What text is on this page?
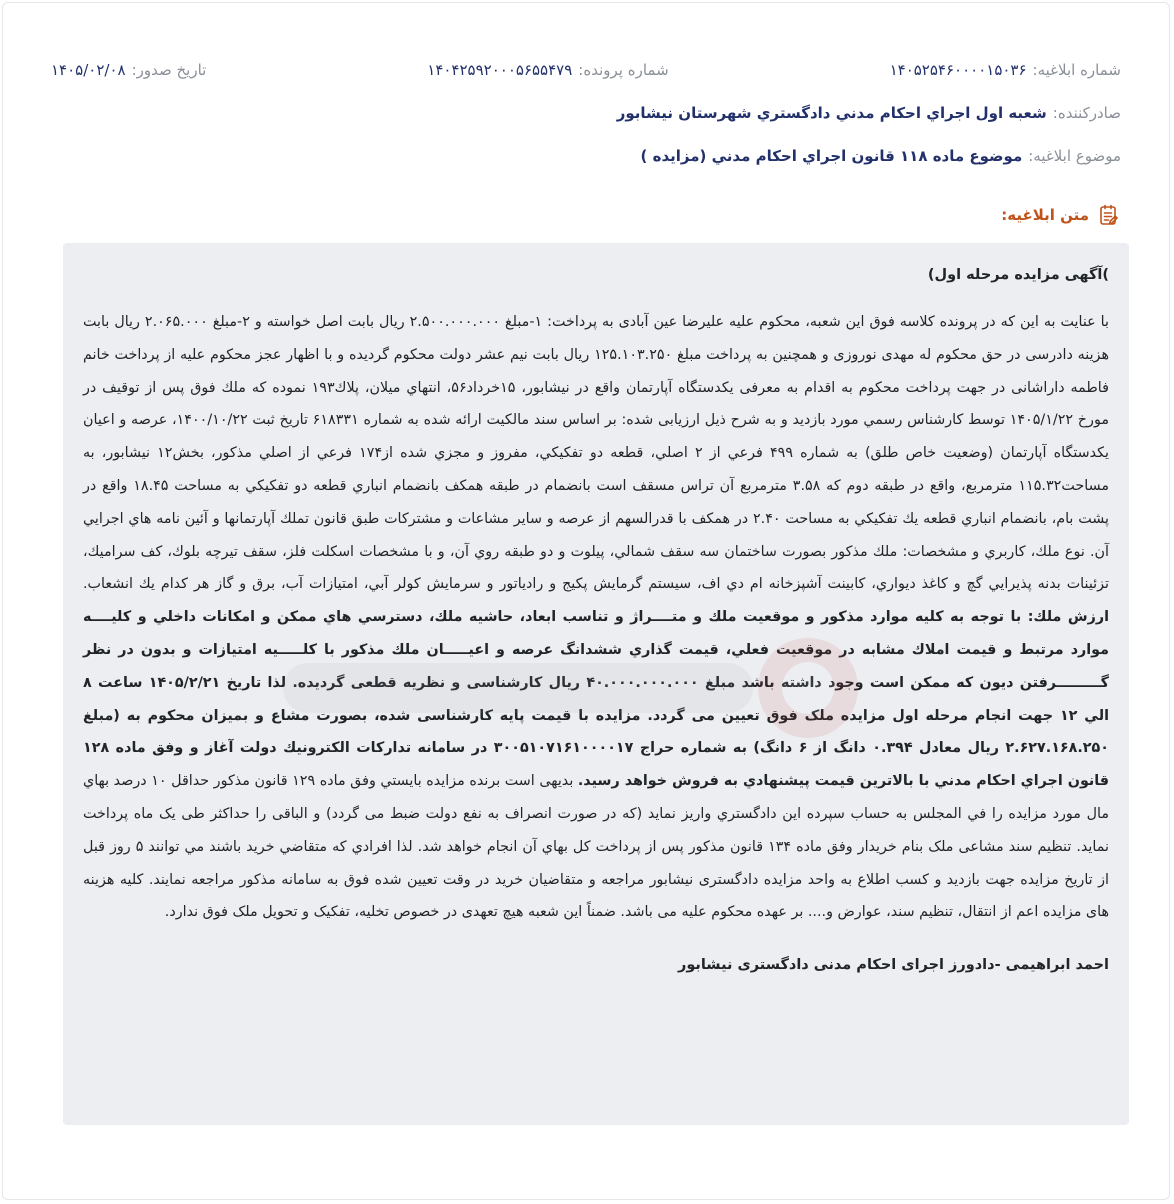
شماره ابلاغیه:
۱۴۰۵۲۵۴۶۰۰۰۰۱۵۰۳۶
شماره پرونده:
۱۴۰۴۲۵۹۲۰۰۰۵۶۵۵۴۷۹
تاریخ صدور:
۱۴۰۵/۰۲/۰۸
صادرکننده:
شعبه اول اجراي احكام مدني دادگستري شهرستان نيشابور
موضوع ابلاغیه:
موضوع ماده ۱۱۸ قانون اجراي احكام مدني (مزايده )
متن ابلاغیه:

)آگهی مزایده مرحله اول)

با عنایت به این که در پرونده کلاسه فوق این شعبه، محکوم علیه علیرضا عین آبادی به پرداخت: ۱-مبلغ ۲.۵۰۰.۰۰۰.۰۰۰ ریال بابت اصل خواسته و ۲-مبلغ ۲.۰۶۵.۰۰۰ ریال بابت هزینه دادرسی در حق محکوم له مهدی نوروزی و همچنین به پرداخت مبلغ ۱۲۵.۱۰۳.۲۵۰ ریال بابت نیم عشر دولت محکوم گردیده و با اظهار عجز محکوم علیه از پرداخت خانم فاطمه داراشانی در جهت پرداخت محکوم به اقدام به معرفی یکدستگاه آپارتمان واقع در نیشابور، ۱۵خرداد۵۶، انتهاي ميلان، پلاك۱۹۳ نموده كه ملك فوق پس از توقيف در مورخ ۱۴۰۵/۱/۲۲ توسط كارشناس رسمي مورد بازديد و به شرح ذيل ارزيابی شده: بر اساس سند مالكيت ارائه شده به شماره ۶۱۸۳۳۱ تاريخ ثبت ۱۴۰۰/۱۰/۲۲، عرصه و اعيان يكدستگاه آپارتمان (وضعيت خاص طلق) به شماره ۴۹۹ فرعي از ۲ اصلي، قطعه دو تفكيكي، مفروز و مجزي شده از۱۷۴ فرعي از اصلي مذكور، بخش۱۲ نيشابور، به مساحت۱۱۵.۳۲ مترمربع، واقع در طبقه دوم كه ۳.۵۸ مترمربع آن تراس مسقف است بانضمام در طبقه همكف بانضمام انباري قطعه دو تفكيكي به مساحت ۱۸.۴۵ واقع در پشت بام، بانضمام انباري قطعه يك تفكيكي به مساحت ۲.۴۰ در همكف با قدرالسهم از عرصه و ساير مشاعات و مشتركات طبق قانون تملك آپارتمانها و آئين نامه هاي اجرايي آن. نوع ملك، كاربري و مشخصات: ملك مذكور بصورت ساختمان سه سقف شمالي، پيلوت و دو طبقه روي آن، و با مشخصات اسكلت فلز، سقف تيرچه بلوك، كف سراميك، تزئينات بدنه پذيرايي گچ و كاغذ ديواري، كابينت آشپزخانه ام دي اف، سيستم گرمايش پكيج و رادياتور و سرمايش كولر آبي، امتيازات آب، برق و گاز هر كدام يك انشعاب. ارزش ملك: با توجه به كليه موارد مذكور و موقعيت ملك و متــــراژ و تناسب ابعاد، حاشيه ملك، دسترسي هاي ممكن و امكانات داخلي و كليــــه موارد مرتبط و قيمت املاك مشابه در موقعيت فعلي، قيمت گذاري ششدانگ عرصه و اعيـــــان ملك مذكور با كلـــــيه امتيازات و بدون در نظر گـــــــــرفتن ديون كه ممكن است وجود داشته باشد مبلغ ۴۰.۰۰۰.۰۰۰.۰۰۰ ريال كارشناسی و نظريه قطعی گرديده. لذا تاريخ ۱۴۰۵/۲/۲۱ ساعت ۸ الي ۱۲ جهت انجام مرحله اول مزایده ملک فوق تعیین می گردد. مزايده با قیمت پایه كارشناسی شده، بصورت مشاع و بمیزان محكوم به (مبلغ ۲.۶۲۷.۱۶۸.۲۵۰ ريال معادل ۰.۳۹۴ دانگ از ۶ دانگ) به شماره حراج ۳۰۰۵۱۰۷۱۶۱۰۰۰۰۱۷ در سامانه تداركات الكترونيك دولت آغاز و وفق ماده ۱۲۸ قانون اجراي احكام مدني با بالاترين قيمت پيشنهادي به فروش خواهد رسيد. بدیهی است برنده مزايده بايستي وفق ماده ۱۲۹ قانون مذكور حداقل ۱۰ درصد بهاي مال مورد مزايده را في المجلس به حساب سپرده اين دادگستري واريز نمايد (كه در صورت انصراف به نفع دولت ضبط می گردد) و الباقی را حداكثر طی يک ماه پرداخت نمايد. تنظيم سند مشاعی ملک بنام خريدار وفق ماده ۱۳۴ قانون مذكور پس از پرداخت كل بهاي آن انجام خواهد شد. لذا افرادي كه متقاضي خريد باشند مي توانند ۵ روز قبل از تاريخ مزايده جهت بازديد و كسب اطلاع به واحد مزايده دادگستری نیشابور مراجعه و متقاضيان خريد در وقت تعيين شده فوق به سامانه مذكور مراجعه نمايند. كليه هزينه های مزايده اعم از انتقال، تنظيم سند، عوارض و.... بر عهده محكوم عليه می باشد. ضمناً اين شعبه هيچ تعهدی در خصوص تخليه، تفكيک و تحويل ملک فوق ندارد.

احمد ابراهیمی -دادورز اجرای احکام مدنی دادگستری نیشابور
